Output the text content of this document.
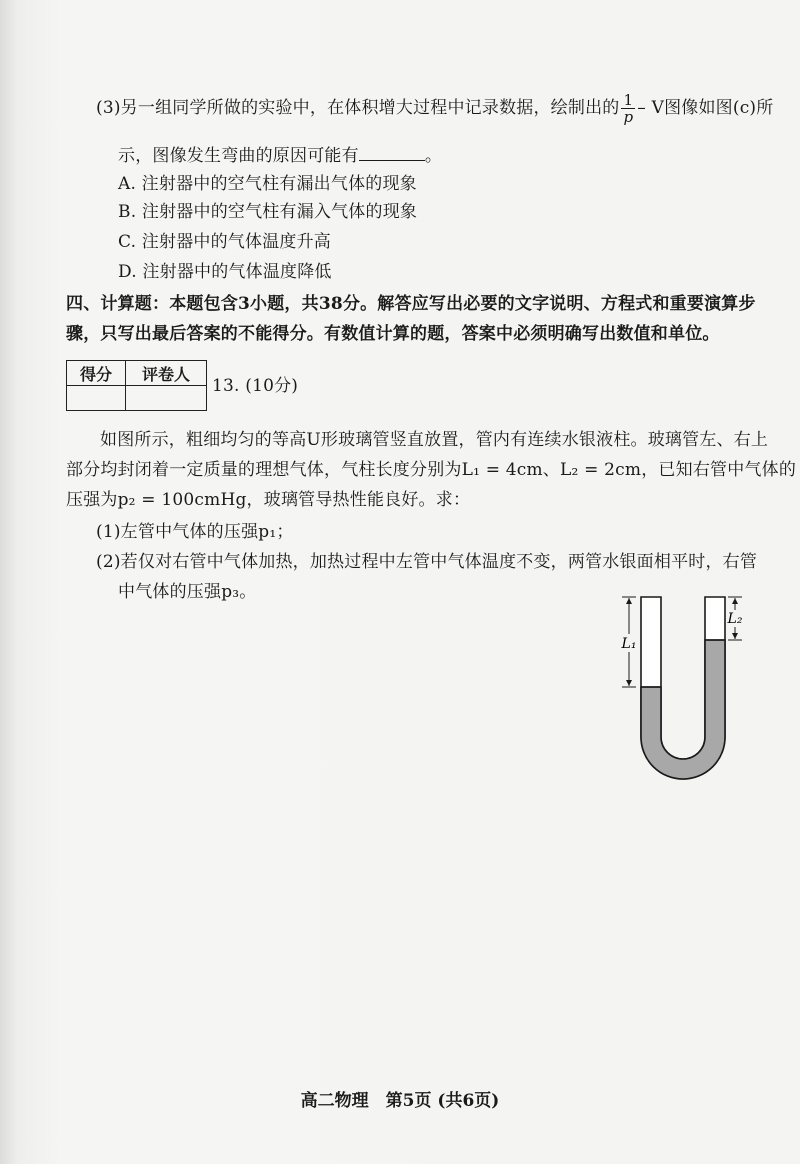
(3)另一组同学所做的实验中，在体积增大过程中记录数据，绘制出的 $\frac{1}{p}$ – V图像如图(c)所
示，图像发生弯曲的原因可能有	。
A. 注射器中的空气柱有漏出气体的现象
B. 注射器中的空气柱有漏入气体的现象
C. 注射器中的气体温度升高
D. 注射器中的气体温度降低
四、计算题：本题包含3小题，共38分。解答应写出必要的文字说明、方程式和重要演算步
骤，只写出最后答案的不能得分。有数值计算的题，答案中必须明确写出数值和单位。
得分	评卷人

13. (10分)
如图所示，粗细均匀的等高U形玻璃管竖直放置，管内有连续水银液柱。玻璃管左、右上
部分均封闭着一定质量的理想气体，气柱长度分别为L₁ = 4cm、L₂ = 2cm，已知右管中气体的
压强为p₂ = 100cmHg，玻璃管导热性能良好。求：
(1)左管中气体的压强p₁；
(2)若仅对右管中气体加热，加热过程中左管中气体温度不变，两管水银面相平时，右管
中气体的压强p₃。
L₁
L₂
高二物理　第5页 (共6页)
